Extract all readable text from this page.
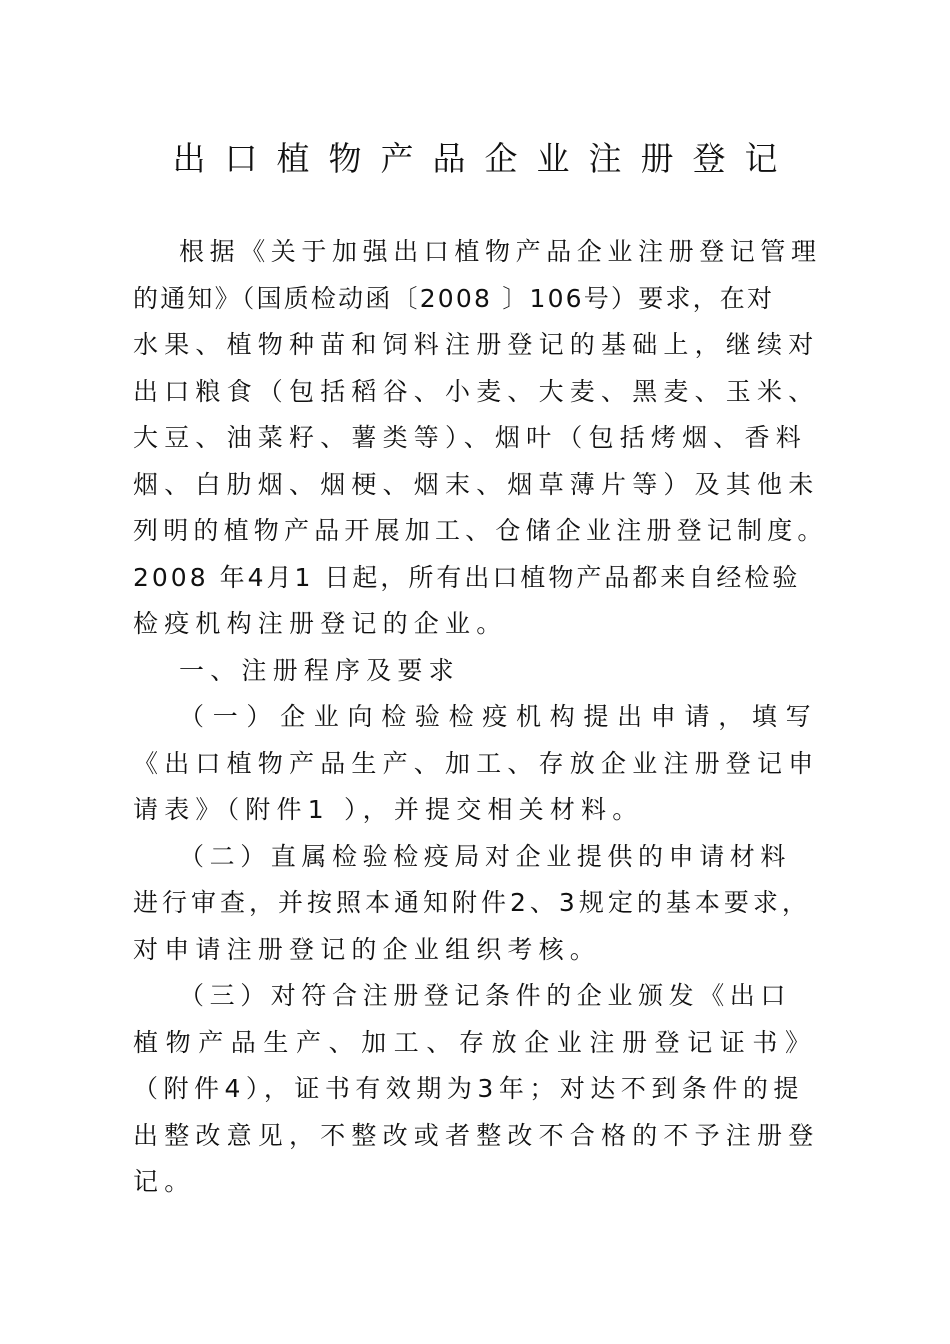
出口植物产品企业注册登记
根据《关于加强出口植物产品企业注册登记管理
的通知》（国质检动函〔2008 〕106号）要求，在对
水果、植物种苗和饲料注册登记的基础上，继续对
出口粮食（包括稻谷、小麦、大麦、黑麦、玉米、
大豆、油菜籽、薯类等）、烟叶（包括烤烟、香料
烟、白肋烟、烟梗、烟末、烟草薄片等）及其他未
列明的植物产品开展加工、仓储企业注册登记制度。
2008 年4月1 日起，所有出口植物产品都来自经检验
检疫机构注册登记的企业。
一、注册程序及要求
（一）企业向检验检疫机构提出申请，填写
《出口植物产品生产、加工、存放企业注册登记申
请表》（附件1 ），并提交相关材料。
（二）直属检验检疫局对企业提供的申请材料
进行审查，并按照本通知附件2、3规定的基本要求，
对申请注册登记的企业组织考核。
（三）对符合注册登记条件的企业颁发《出口
植物产品生产、加工、存放企业注册登记证书》
（附件4），证书有效期为3年；对达不到条件的提
出整改意见，不整改或者整改不合格的不予注册登
记。
